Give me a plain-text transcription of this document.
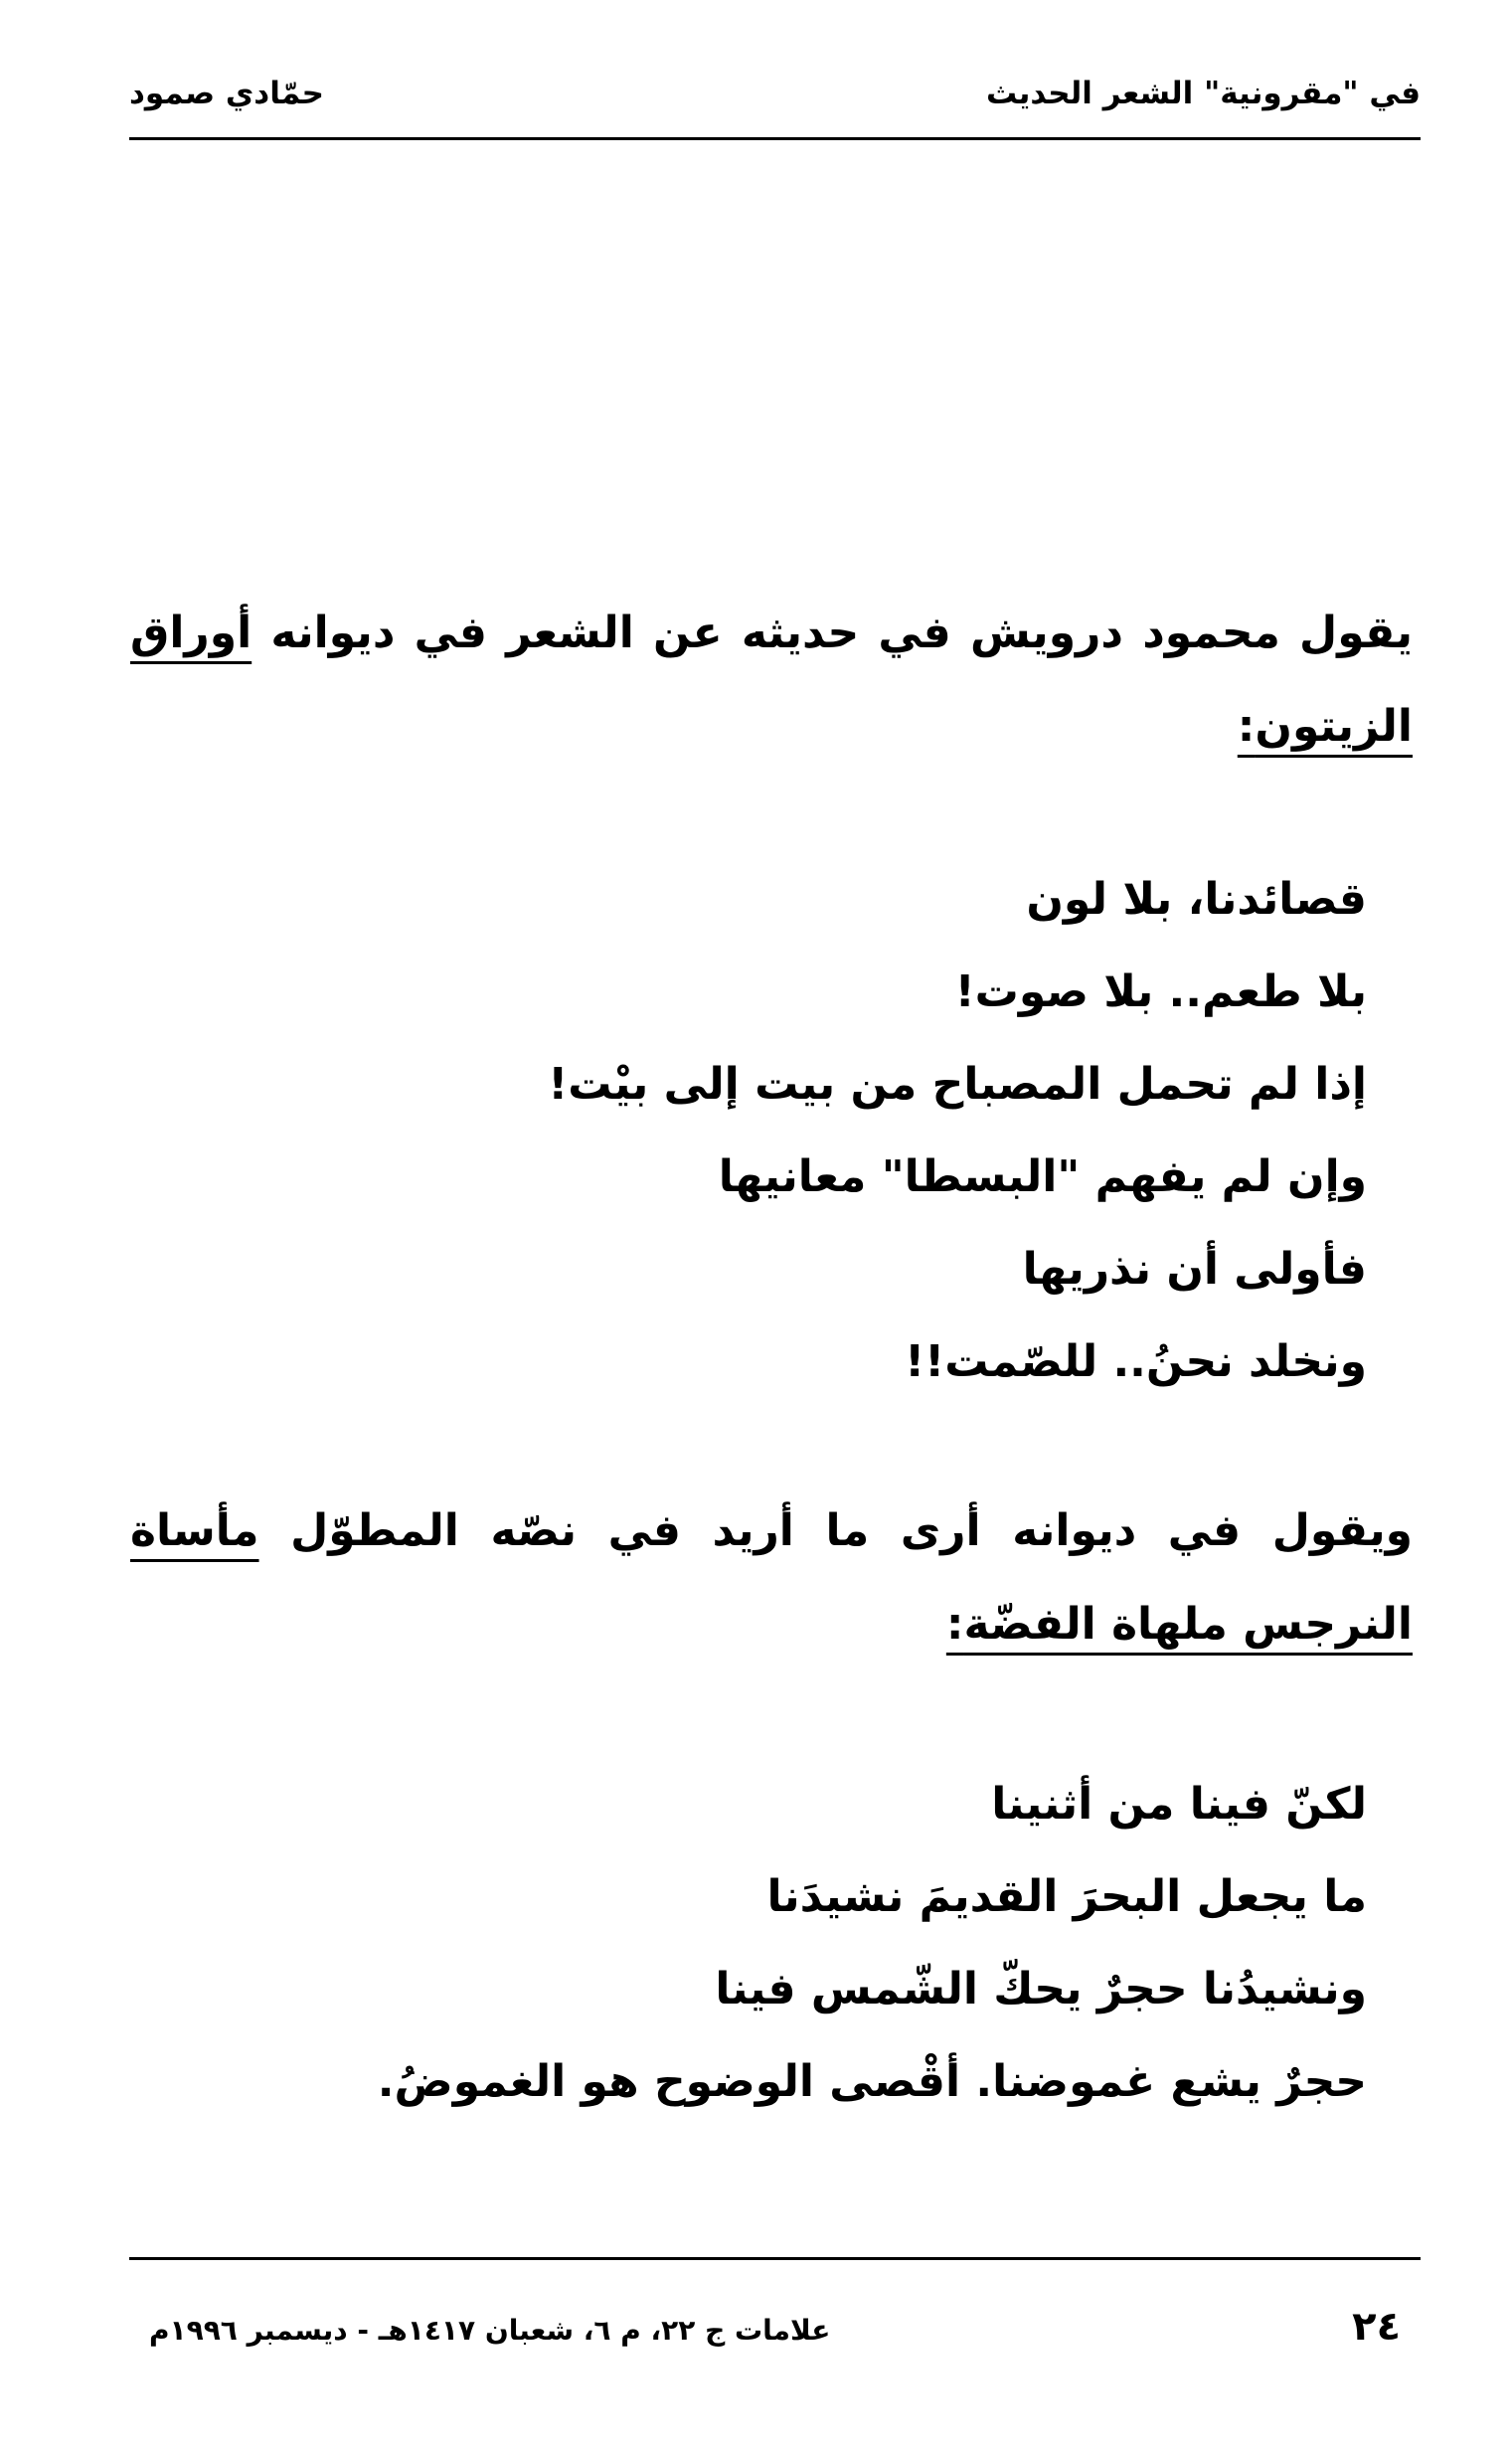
في "مقرونية" الشعر الحديث
حمّادي صمود
يقول محمود درويش في حديثه عن الشعر في ديوانه أوراق الزيتون:
قصائدنا، بلا لون
بلا طعم.. بلا صوت!
إذا لم تحمل المصباح من بيت إلى بيْت!
وإن لم يفهم "البسطا" معانيها
فأولى أن نذريها
ونخلد نحنُ.. للصّمت!!
ويقول في ديوانه أرى ما أريد في نصّه المطوّل مأساة النرجس ملهاة الفضّة:
لكنّ فينا من أثنينا
ما يجعل البحرَ القديمَ نشيدَنا
ونشيدُنا حجرٌ يحكّ الشّمس فينا
حجرٌ يشع غموضنا. أقْصى الوضوح هو الغموضُ.
٢٤
علامات ج ٢٢، م ٦، شعبان ١٤١٧هـ - ديسمبر ١٩٩٦م
